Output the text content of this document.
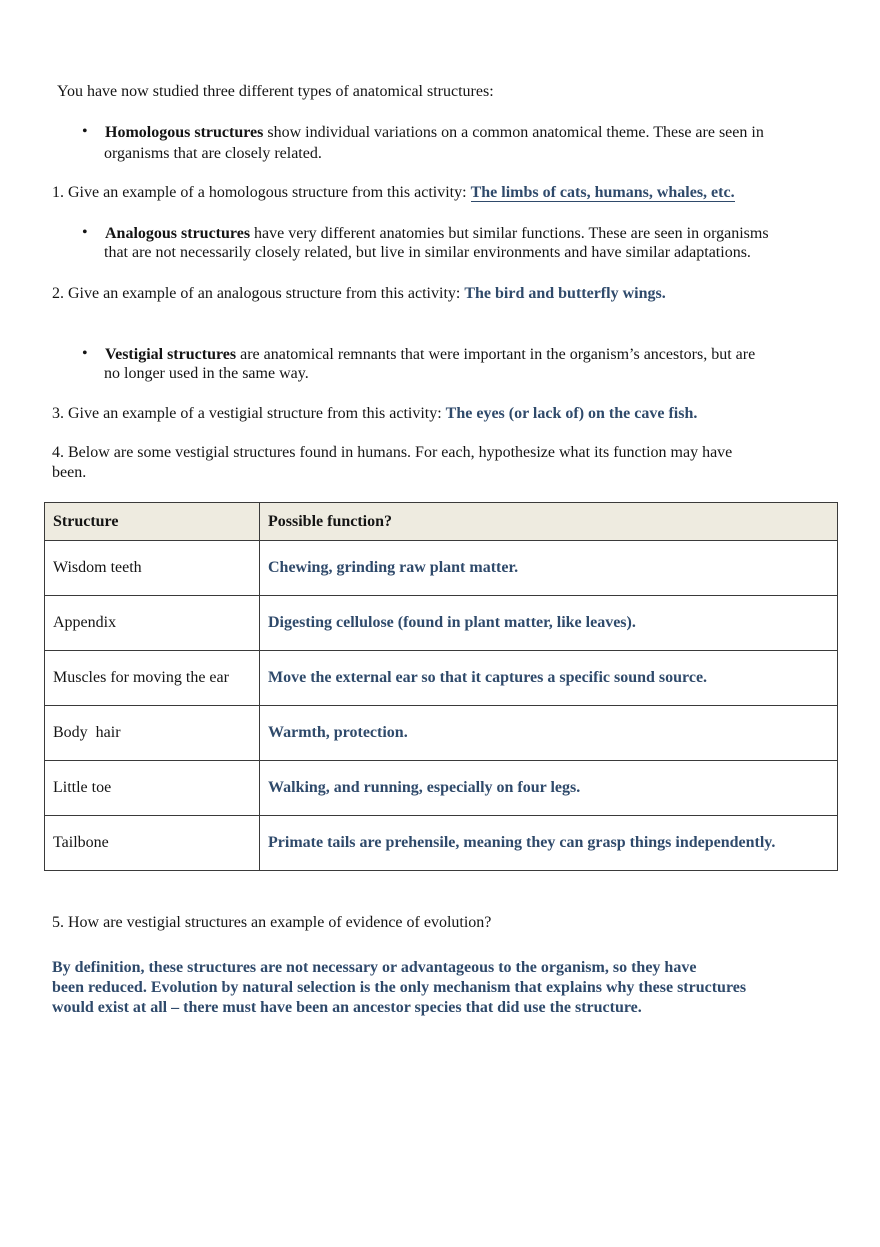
You have now studied three different types of anatomical structures:
• Homologous structures show individual variations on a common anatomical theme. These are seen in
organisms that are closely related.
1. Give an example of a homologous structure from this activity: The limbs of cats, humans, whales, etc.
• Analogous structures have very different anatomies but similar functions. These are seen in organisms
that are not necessarily closely related, but live in similar environments and have similar adaptations.
2. Give an example of an analogous structure from this activity: The bird and butterfly wings.
• Vestigial structures are anatomical remnants that were important in the organism’s ancestors, but are
no longer used in the same way.
3. Give an example of a vestigial structure from this activity: The eyes (or lack of) on the cave fish.
4. Below are some vestigial structures found in humans. For each, hypothesize what its function may have
been.
Structure	Possible function?
Wisdom teeth	Chewing, grinding raw plant matter.
Appendix	Digesting cellulose (found in plant matter, like leaves).
Muscles for moving the ear	Move the external ear so that it captures a specific sound source.
Body  hair	Warmth, protection.
Little toe	Walking, and running, especially on four legs.
Tailbone	Primate tails are prehensile, meaning they can grasp things independently.
5. How are vestigial structures an example of evidence of evolution?
By definition, these structures are not necessary or advantageous to the organism, so they have
been reduced. Evolution by natural selection is the only mechanism that explains why these structures
would exist at all – there must have been an ancestor species that did use the structure.
